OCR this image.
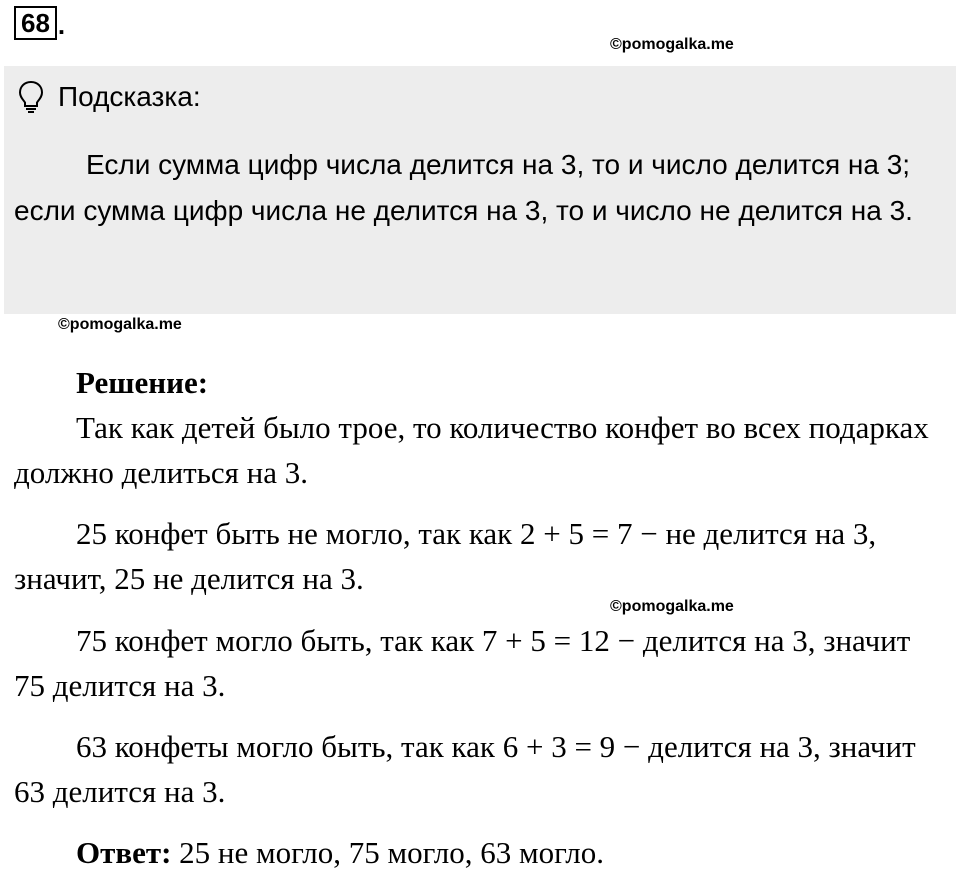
68 .
©pomogalka.me
Подсказка:
Если сумма цифр числа делится на 3, то и число делится на 3; если сумма цифр числа не делится на 3, то и число не делится на 3.
©pomogalka.me

Решение:

Так как детей было трое, то количество конфет во всех подарках должно делиться на 3.

25 конфет быть не могло, так как 2 + 5 = 7 − не делится на 3, значит, 25 не делится на 3.

©pomogalka.me

75 конфет могло быть, так как 7 + 5 = 12 − делится на 3, значит 75 делится на 3.

63 конфеты могло быть, так как 6 + 3 = 9 − делится на 3, значит 63 делится на 3.

Ответ: 25 не могло, 75 могло, 63 могло.
